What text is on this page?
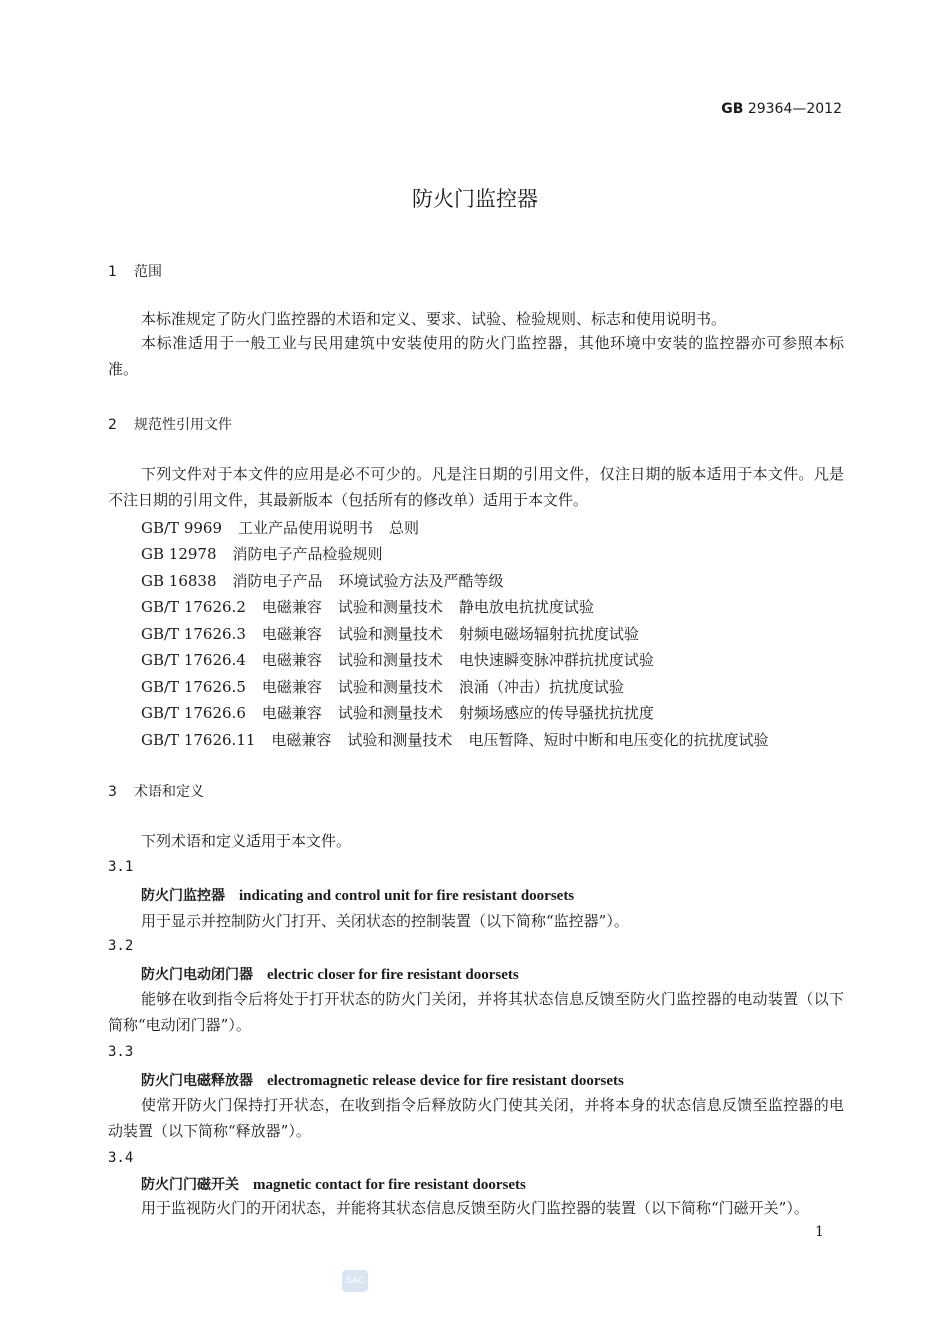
GB 29364—2012
防火门监控器
1 范围
本标准规定了防火门监控器的术语和定义、要求、试验、检验规则、标志和使用说明书。
本标准适用于一般工业与民用建筑中安装使用的防火门监控器，其他环境中安装的监控器亦可参照本标准。
2 规范性引用文件
下列文件对于本文件的应用是必不可少的。凡是注日期的引用文件，仅注日期的版本适用于本文件。凡是不注日期的引用文件，其最新版本（包括所有的修改单）适用于本文件。
GB/T 9969 工业产品使用说明书 总则
GB 12978 消防电子产品检验规则
GB 16838 消防电子产品 环境试验方法及严酷等级
GB/T 17626.2 电磁兼容 试验和测量技术 静电放电抗扰度试验
GB/T 17626.3 电磁兼容 试验和测量技术 射频电磁场辐射抗扰度试验
GB/T 17626.4 电磁兼容 试验和测量技术 电快速瞬变脉冲群抗扰度试验
GB/T 17626.5 电磁兼容 试验和测量技术 浪涌（冲击）抗扰度试验
GB/T 17626.6 电磁兼容 试验和测量技术 射频场感应的传导骚扰抗扰度
GB/T 17626.11 电磁兼容 试验和测量技术 电压暂降、短时中断和电压变化的抗扰度试验
3 术语和定义
下列术语和定义适用于本文件。
3.1
防火门监控器 indicating and control unit for fire resistant doorsets
用于显示并控制防火门打开、关闭状态的控制装置（以下简称“监控器”）。
3.2
防火门电动闭门器 electric closer for fire resistant doorsets
能够在收到指令后将处于打开状态的防火门关闭，并将其状态信息反馈至防火门监控器的电动装置（以下简称“电动闭门器”）。
3.3
防火门电磁释放器 electromagnetic release device for fire resistant doorsets
使常开防火门保持打开状态，在收到指令后释放防火门使其关闭，并将本身的状态信息反馈至监控器的电动装置（以下简称“释放器”）。
3.4
防火门门磁开关 magnetic contact for fire resistant doorsets
用于监视防火门的开闭状态，并能将其状态信息反馈至防火门监控器的装置（以下简称“门磁开关”）。
1
SAC
